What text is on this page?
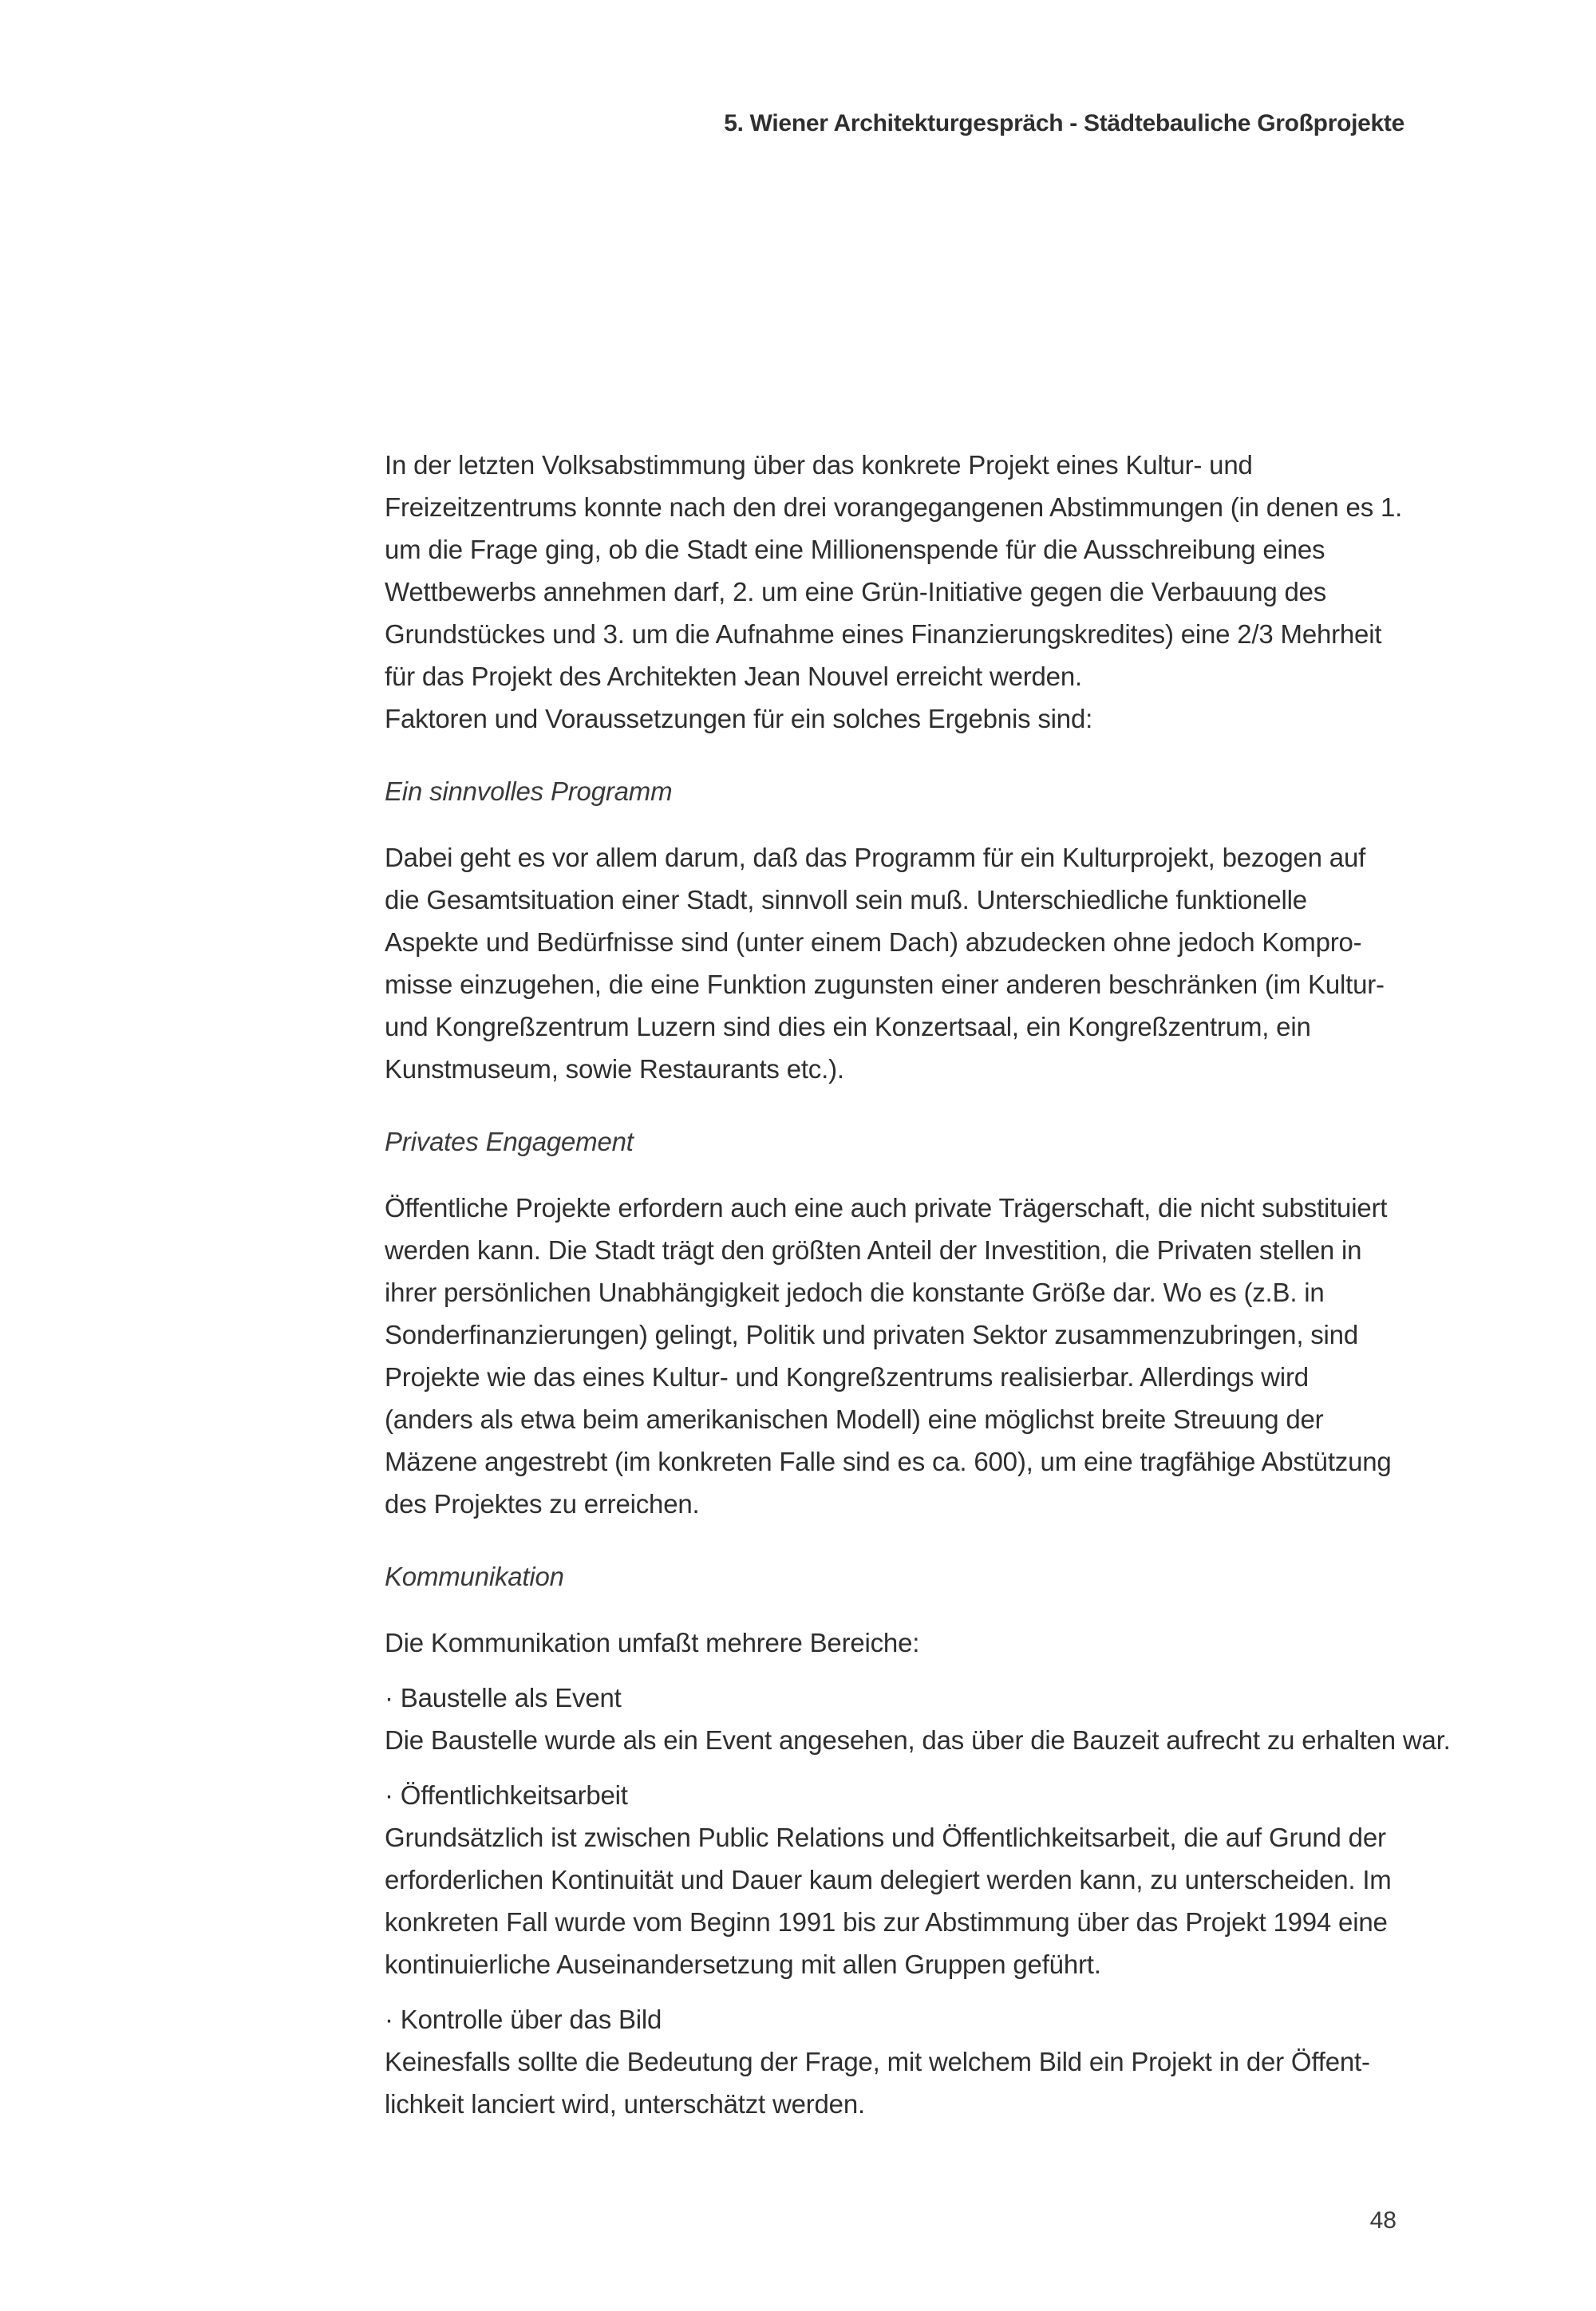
5. Wiener Architekturgespräch - Städtebauliche Großprojekte

In der letzten Volksabstimmung über das konkrete Projekt eines Kultur- und
Freizeitzentrums konnte nach den drei vorangegangenen Abstimmungen (in denen es 1.
um die Frage ging, ob die Stadt eine Millionenspende für die Ausschreibung eines
Wettbewerbs annehmen darf, 2. um eine Grün-Initiative gegen die Verbauung des
Grundstückes und 3. um die Aufnahme eines Finanzierungskredites) eine 2/3 Mehrheit
für das Projekt des Architekten Jean Nouvel erreicht werden.
Faktoren und Voraussetzungen für ein solches Ergebnis sind:

Ein sinnvolles Programm

Dabei geht es vor allem darum, daß das Programm für ein Kulturprojekt, bezogen auf
die Gesamtsituation einer Stadt, sinnvoll sein muß. Unterschiedliche funktionelle
Aspekte und Bedürfnisse sind (unter einem Dach) abzudecken ohne jedoch Kompro-
misse einzugehen, die eine Funktion zugunsten einer anderen beschränken (im Kultur-
und Kongreßzentrum Luzern sind dies ein Konzertsaal, ein Kongreßzentrum, ein
Kunstmuseum, sowie Restaurants etc.).

Privates Engagement

Öffentliche Projekte erfordern auch eine auch private Trägerschaft, die nicht substituiert
werden kann. Die Stadt trägt den größten Anteil der Investition, die Privaten stellen in
ihrer persönlichen Unabhängigkeit jedoch die konstante Größe dar. Wo es (z.B. in
Sonderfinanzierungen) gelingt, Politik und privaten Sektor zusammenzubringen, sind
Projekte wie das eines Kultur- und Kongreßzentrums realisierbar. Allerdings wird
(anders als etwa beim amerikanischen Modell) eine möglichst breite Streuung der
Mäzene angestrebt (im konkreten Falle sind es ca. 600), um eine tragfähige Abstützung
des Projektes zu erreichen.

Kommunikation

Die Kommunikation umfaßt mehrere Bereiche:

· Baustelle als Event
Die Baustelle wurde als ein Event angesehen, das über die Bauzeit aufrecht zu erhalten war.

· Öffentlichkeitsarbeit
Grundsätzlich ist zwischen Public Relations und Öffentlichkeitsarbeit, die auf Grund der
erforderlichen Kontinuität und Dauer kaum delegiert werden kann, zu unterscheiden. Im
konkreten Fall wurde vom Beginn 1991 bis zur Abstimmung über das Projekt 1994 eine
kontinuierliche Auseinandersetzung mit allen Gruppen geführt.

· Kontrolle über das Bild
Keinesfalls sollte die Bedeutung der Frage, mit welchem Bild ein Projekt in der Öffent-
lichkeit lanciert wird, unterschätzt werden.

48
